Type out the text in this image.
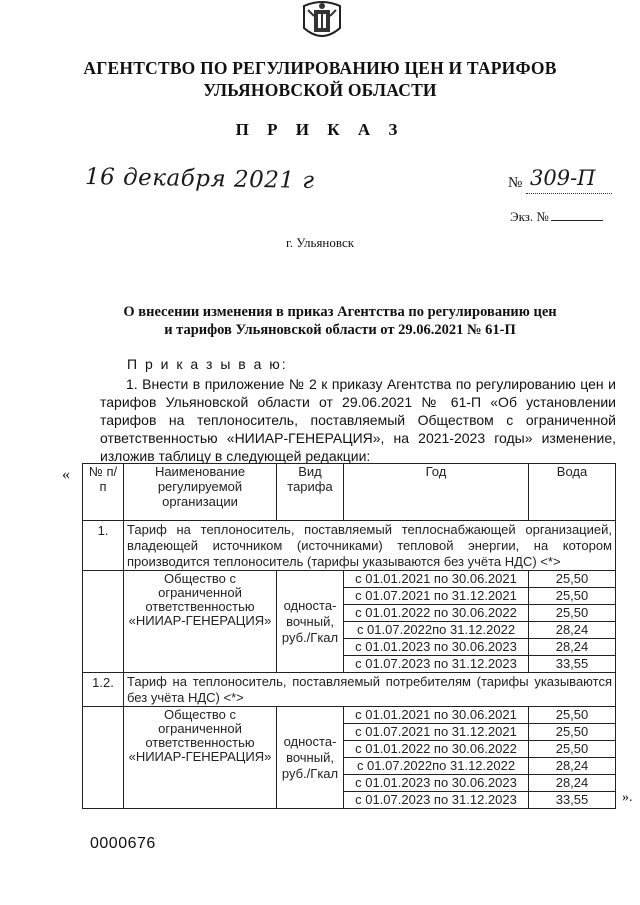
АГЕНТСТВО ПО РЕГУЛИРОВАНИЮ ЦЕН И ТАРИФОВ
УЛЬЯНОВСКОЙ ОБЛАСТИ
П Р И К А З
16 декабря 2021 г	№ 309-П
Экз. №
г. Ульяновск
О внесении изменения в приказ Агентства по регулированию цен
и тарифов Ульяновской области от 29.06.2021 № 61-П
П р и к а з ы в а ю:
1. Внести в приложение № 2 к приказу Агентства по регулированию цен и тарифов Ульяновской области от 29.06.2021 № 61-П «Об установлении тарифов на теплоноситель, поставляемый Обществом с ограниченной ответственностью «НИИАР-ГЕНЕРАЦИЯ», на 2021-2023 годы» изменение, изложив таблицу в следующей редакции:
« № п/п	Наименование регулируемой организации	Вид тарифа	Год	Вода
1.	Тариф на теплоноситель, поставляемый теплоснабжающей организацией, владеющей источником (источниками) тепловой энергии, на котором производится теплоноситель (тарифы указываются без учёта НДС) <*>			
	Общество с ограниченной ответственностью «НИИАР-ГЕНЕРАЦИЯ»	односта-вочный, руб./Гкал	с 01.01.2021 по 30.06.2021	25,50
			с 01.07.2021 по 31.12.2021	25,50
			с 01.01.2022 по 30.06.2022	25,50
			с 01.07.2022по 31.12.2022	28,24
			с 01.01.2023 по 30.06.2023	28,24
			с 01.07.2023 по 31.12.2023	33,55
1.2.	Тариф на теплоноситель, поставляемый потребителям (тарифы указываются без учёта НДС) <*>			
	Общество с ограниченной ответственностью «НИИАР-ГЕНЕРАЦИЯ»	односта-вочный, руб./Гкал	с 01.01.2021 по 30.06.2021	25,50
			с 01.07.2021 по 31.12.2021	25,50
			с 01.01.2022 по 30.06.2022	25,50
			с 01.07.2022по 31.12.2022	28,24
			с 01.01.2023 по 30.06.2023	28,24
			с 01.07.2023 по 31.12.2023	33,55 ».
0000676
